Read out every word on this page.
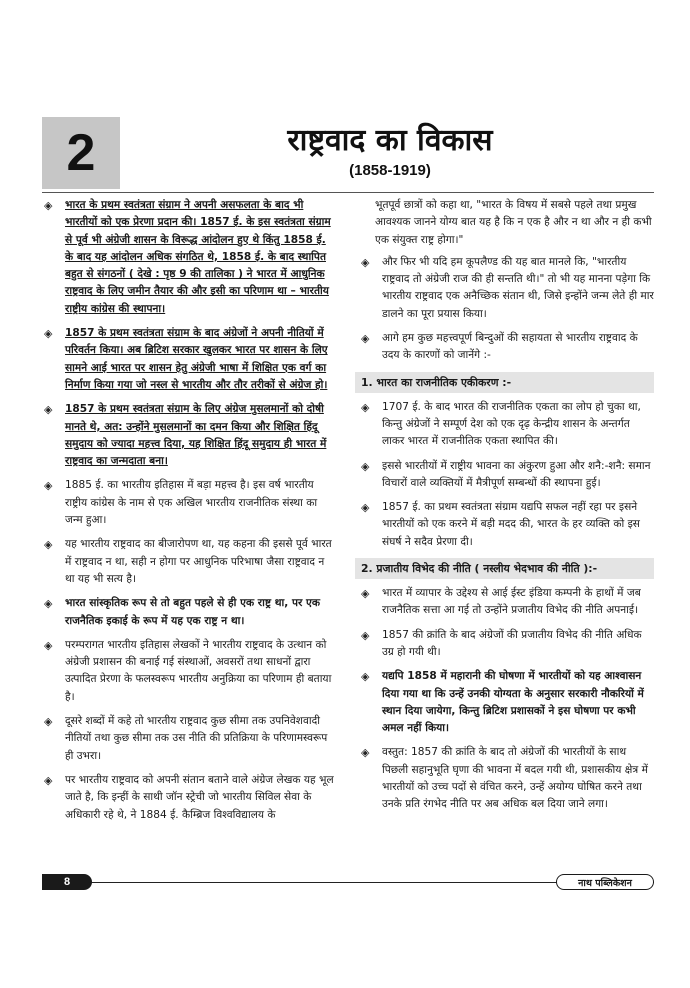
2	राष्ट्रवाद का विकास
(1858-1919)
◈ भारत के प्रथम स्वतंत्रता संग्राम ने अपनी असफलता के बाद भी भारतीयों को एक प्रेरणा प्रदान की। 1857 ई. के इस स्वतंत्रता संग्राम से पूर्व भी अंग्रेजी शासन के विरूद्ध आंदोलन हुए थे किंतु 1858 ई. के बाद यह आंदोलन अधिक संगठित थे, 1858 ई. के बाद स्थापित बहुत से संगठनों ( देखे : पृष्ठ 9 की तालिका ) ने भारत में आधुनिक राष्ट्रवाद के लिए जमीन तैयार की और इसी का परिणाम था – भारतीय राष्ट्रीय कांग्रेस की स्थापना।
◈ 1857 के प्रथम स्वतंत्रता संग्राम के बाद अंग्रेजों ने अपनी नीतियों में परिवर्तन किया। अब ब्रिटिश सरकार खुलकर भारत पर शासन के लिए सामने आई भारत पर शासन हेतु अंग्रेजी भाषा में शिक्षित एक वर्ग का निर्माण किया गया जो नस्ल से भारतीय और तौर तरीकों से अंग्रेज हो।
◈ 1857 के प्रथम स्वतंत्रता संग्राम के लिए अंग्रेज मुसलमानों को दोषी मानते थे, अत: उन्होंने मुसलमानों का दमन किया और शिक्षित हिंदू समुदाय को ज्यादा महत्त्व दिया, यह शिक्षित हिंदू समुदाय ही भारत में राष्ट्रवाद का जन्मदाता बना।
◈ 1885 ई. का भारतीय इतिहास में बड़ा महत्त्व है। इस वर्ष भारतीय राष्ट्रीय कांग्रेस के नाम से एक अखिल भारतीय राजनीतिक संस्था का जन्म हुआ।
◈ यह भारतीय राष्ट्रवाद का बीजारोपण था, यह कहना की इससे पूर्व भारत में राष्ट्रवाद न था, सही न होगा पर आधुनिक परिभाषा जैसा राष्ट्रवाद न था यह भी सत्य है।
◈ भारत सांस्कृतिक रूप से तो बहुत पहले से ही एक राष्ट्र था, पर एक राजनैतिक इकाई के रूप में यह एक राष्ट्र न था।
◈ परम्परागत भारतीय इतिहास लेखकों ने भारतीय राष्ट्रवाद के उत्थान को अंग्रेजी प्रशासन की बनाई गई संस्थाओं, अवसरों तथा साधनों द्वारा उत्पादित प्रेरणा के फलस्वरूप भारतीय अनुक्रिया का परिणाम ही बताया है।
◈ दूसरे शब्दों में कहे तो भारतीय राष्ट्रवाद कुछ सीमा तक उपनिवेशवादी नीतियों तथा कुछ सीमा तक उस नीति की प्रतिक्रिया के परिणामस्वरूप ही उभरा।
◈ पर भारतीय राष्ट्रवाद को अपनी संतान बताने वाले अंग्रेज लेखक यह भूल जाते है, कि इन्हीं के साथी जॉन स्ट्रेची जो भारतीय सिविल सेवा के अधिकारी रहे थे, ने 1884 ई. कैम्ब्रिज विश्वविद्यालय के
भूतपूर्व छात्रों को कहा था, "भारत के विषय में सबसे पहले तथा प्रमुख आवश्यक जानने योग्य बात यह है कि न एक है और न था और न ही कभी एक संयुक्त राष्ट्र होगा।"
◈ और फिर भी यदि हम कूपलैण्ड की यह बात मानले कि, "भारतीय राष्ट्रवाद तो अंग्रेजी राज की ही सन्तति थी।" तो भी यह मानना पड़ेगा कि भारतीय राष्ट्रवाद एक अनैच्छिक संतान थी, जिसे इन्होंने जन्म लेते ही मार डालने का पूरा प्रयास किया।
◈ आगे हम कुछ महत्त्वपूर्ण बिन्दुओं की सहायता से भारतीय राष्ट्रवाद के उदय के कारणों को जानेंगे :-
1. भारत का राजनीतिक एकीकरण :-
◈ 1707 ई. के बाद भारत की राजनीतिक एकता का लोप हो चुका था, किन्तु अंग्रेजों ने सम्पूर्ण देश को एक दृढ़ केन्द्रीय शासन के अन्तर्गत लाकर भारत में राजनीतिक एकता स्थापित की।
◈ इससे भारतीयों में राष्ट्रीय भावना का अंकुरण हुआ और शनै:-शनै: समान विचारों वाले व्यक्तियों में मैत्रीपूर्ण सम्बन्धों की स्थापना हुई।
◈ 1857 ई. का प्रथम स्वतंत्रता संग्राम यद्यपि सफल नहीं रहा पर इसने भारतीयों को एक करने में बड़ी मदद की, भारत के हर व्यक्ति को इस संघर्ष ने सदैव प्रेरणा दी।
2. प्रजातीय विभेद की नीति ( नस्लीय भेदभाव की नीति ):-
◈ भारत में व्यापार के उद्देश्य से आई ईस्ट इंडिया कम्पनी के हाथों में जब राजनैतिक सत्ता आ गई तो उन्होंने प्रजातीय विभेद की नीति अपनाई।
◈ 1857 की क्रांति के बाद अंग्रेजों की प्रजातीय विभेद की नीति अधिक उग्र हो गयी थी।
◈ यद्यपि 1858 में महारानी की घोषणा में भारतीयों को यह आश्वासन दिया गया था कि उन्हें उनकी योग्यता के अनुसार सरकारी नौकरियों में स्थान दिया जायेगा, किन्तु ब्रिटिश प्रशासकों ने इस घोषणा पर कभी अमल नहीं किया।
◈ वस्तुत: 1857 की क्रांति के बाद तो अंग्रेजों की भारतीयों के साथ पिछली सहानुभूति घृणा की भावना में बदल गयी थी, प्रशासकीय क्षेत्र में भारतीयों को उच्च पदों से वंचित करने, उन्हें अयोग्य घोषित करने तथा उनके प्रति रंगभेद नीति पर अब अधिक बल दिया जाने लगा।
8	नाथ पब्लिकेशन
